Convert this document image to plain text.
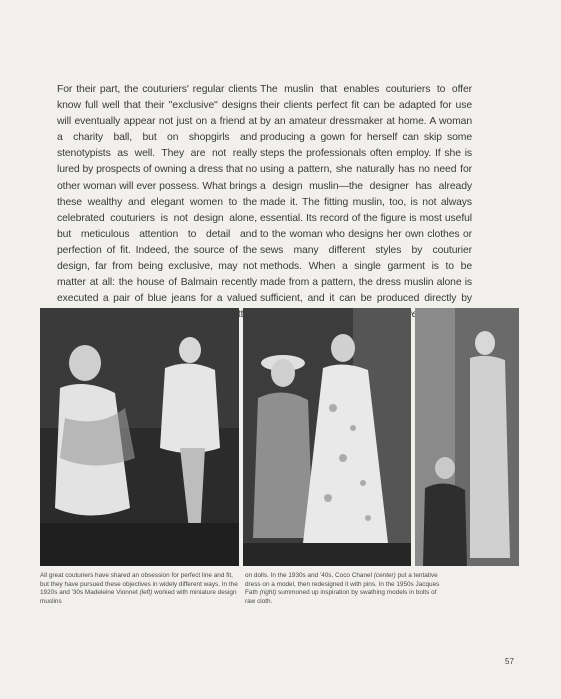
For their part, the couturiers' regular clients know full well that their "exclusive" designs will eventually appear not just on a friend at a charity ball, but on shopgirls and stenotypists as well. They are not really lured by prospects of owning a dress that no other woman will ever possess. What brings these wealthy and elegant women to the celebrated couturiers is not design alone, but meticulous attention to detail and perfection of fit. Indeed, the source of the design, far from being exclusive, may not matter at all: the house of Balmain recently executed a pair of blue jeans for a valued
The muslin that enables couturiers to offer their clients perfect fit can be adapted for use by an amateur dressmaker at home. A woman producing a gown for herself can skip some steps the professionals often employ. If she is using a pattern, she naturally has no need for a design muslin—the designer has already made it. The fitting muslin, too, is not always essential. Its record of the figure is most useful to the woman who designs her own clothes or sews many different styles by couturier methods. When a single garment is to be made from a pattern, the dress muslin alone is sufficient, and it can be produced directly by
All great couturiers have shared an obsession for perfect line and fit, but they have pursued these objectives in widely different ways. In the 1920s and '30s Madeleine Vionnet (left) worked with miniature design muslins
on dolls. In the 1930s and '40s, Coco Chanel (center) put a tentative dress on a model, then redesigned it with pins. In the 1950s Jacques Fath (right) summoned up inspiration by swathing models in bolts of raw cloth.
57
